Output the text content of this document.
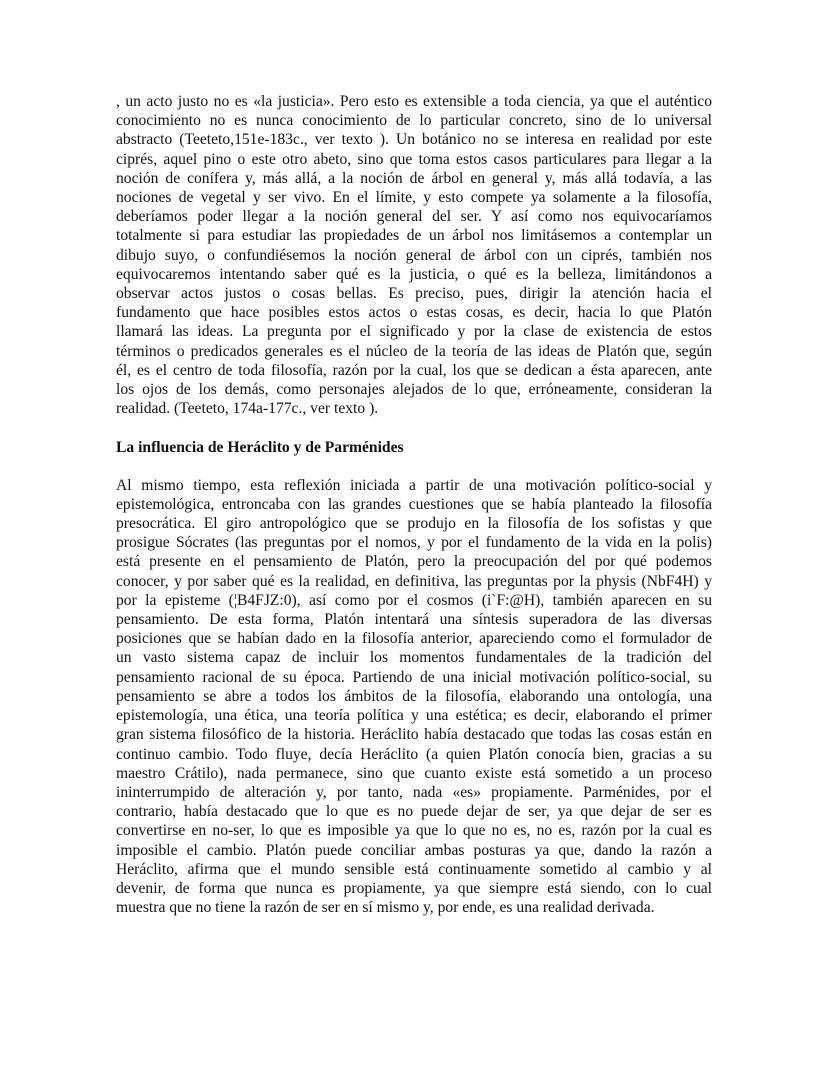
, un acto justo no es «la justicia». Pero esto es extensible a toda ciencia, ya que el auténtico
conocimiento no es nunca conocimiento de lo particular concreto, sino de lo universal
abstracto (Teeteto,151e-183c., ver texto ). Un botánico no se interesa en realidad por este
ciprés, aquel pino o este otro abeto, sino que toma estos casos particulares para llegar a la
noción de conífera y, más allá, a la noción de árbol en general y, más allá todavía, a las
nociones de vegetal y ser vivo. En el límite, y esto compete ya solamente a la filosofía,
deberíamos poder llegar a la noción general del ser. Y así como nos equivocaríamos
totalmente si para estudiar las propiedades de un árbol nos limitásemos a contemplar un
dibujo suyo, o confundiésemos la noción general de árbol con un ciprés, también nos
equivocaremos intentando saber qué es la justicia, o qué es la belleza, limitándonos a
observar actos justos o cosas bellas. Es preciso, pues, dirigir la atención hacia el
fundamento que hace posibles estos actos o estas cosas, es decir, hacia lo que Platón
llamará las ideas. La pregunta por el significado y por la clase de existencia de estos
términos o predicados generales es el núcleo de la teoría de las ideas de Platón que, según
él, es el centro de toda filosofía, razón por la cual, los que se dedican a ésta aparecen, ante
los ojos de los demás, como personajes alejados de lo que, erróneamente, consideran la
realidad. (Teeteto, 174a-177c., ver texto ).
La influencia de Heráclito y de Parménides
Al mismo tiempo, esta reflexión iniciada a partir de una motivación político-social y
epistemológica, entroncaba con las grandes cuestiones que se había planteado la filosofía
presocrática. El giro antropológico que se produjo en la filosofía de los sofistas y que
prosigue Sócrates (las preguntas por el nomos, y por el fundamento de la vida en la polis)
está presente en el pensamiento de Platón, pero la preocupación del por qué podemos
conocer, y por saber qué es la realidad, en definitiva, las preguntas por la physis (NbF4H) y
por la episteme (¦B4FJZ:0), así como por el cosmos (i`F:@H), también aparecen en su
pensamiento. De esta forma, Platón intentará una síntesis superadora de las diversas
posiciones que se habían dado en la filosofía anterior, apareciendo como el formulador de
un vasto sistema capaz de incluir los momentos fundamentales de la tradición del
pensamiento racional de su época. Partiendo de una inicial motivación político-social, su
pensamiento se abre a todos los ámbitos de la filosofía, elaborando una ontología, una
epistemología, una ética, una teoría política y una estética; es decir, elaborando el primer
gran sistema filosófico de la historia. Heráclito había destacado que todas las cosas están en
continuo cambio. Todo fluye, decía Heráclito (a quien Platón conocía bien, gracias a su
maestro Crátilo), nada permanece, sino que cuanto existe está sometido a un proceso
ininterrumpido de alteración y, por tanto, nada «es» propiamente. Parménides, por el
contrario, había destacado que lo que es no puede dejar de ser, ya que dejar de ser es
convertirse en no-ser, lo que es imposible ya que lo que no es, no es, razón por la cual es
imposible el cambio. Platón puede conciliar ambas posturas ya que, dando la razón a
Heráclito, afirma que el mundo sensible está continuamente sometido al cambio y al
devenir, de forma que nunca es propiamente, ya que siempre está siendo, con lo cual
muestra que no tiene la razón de ser en sí mismo y, por ende, es una realidad derivada.
